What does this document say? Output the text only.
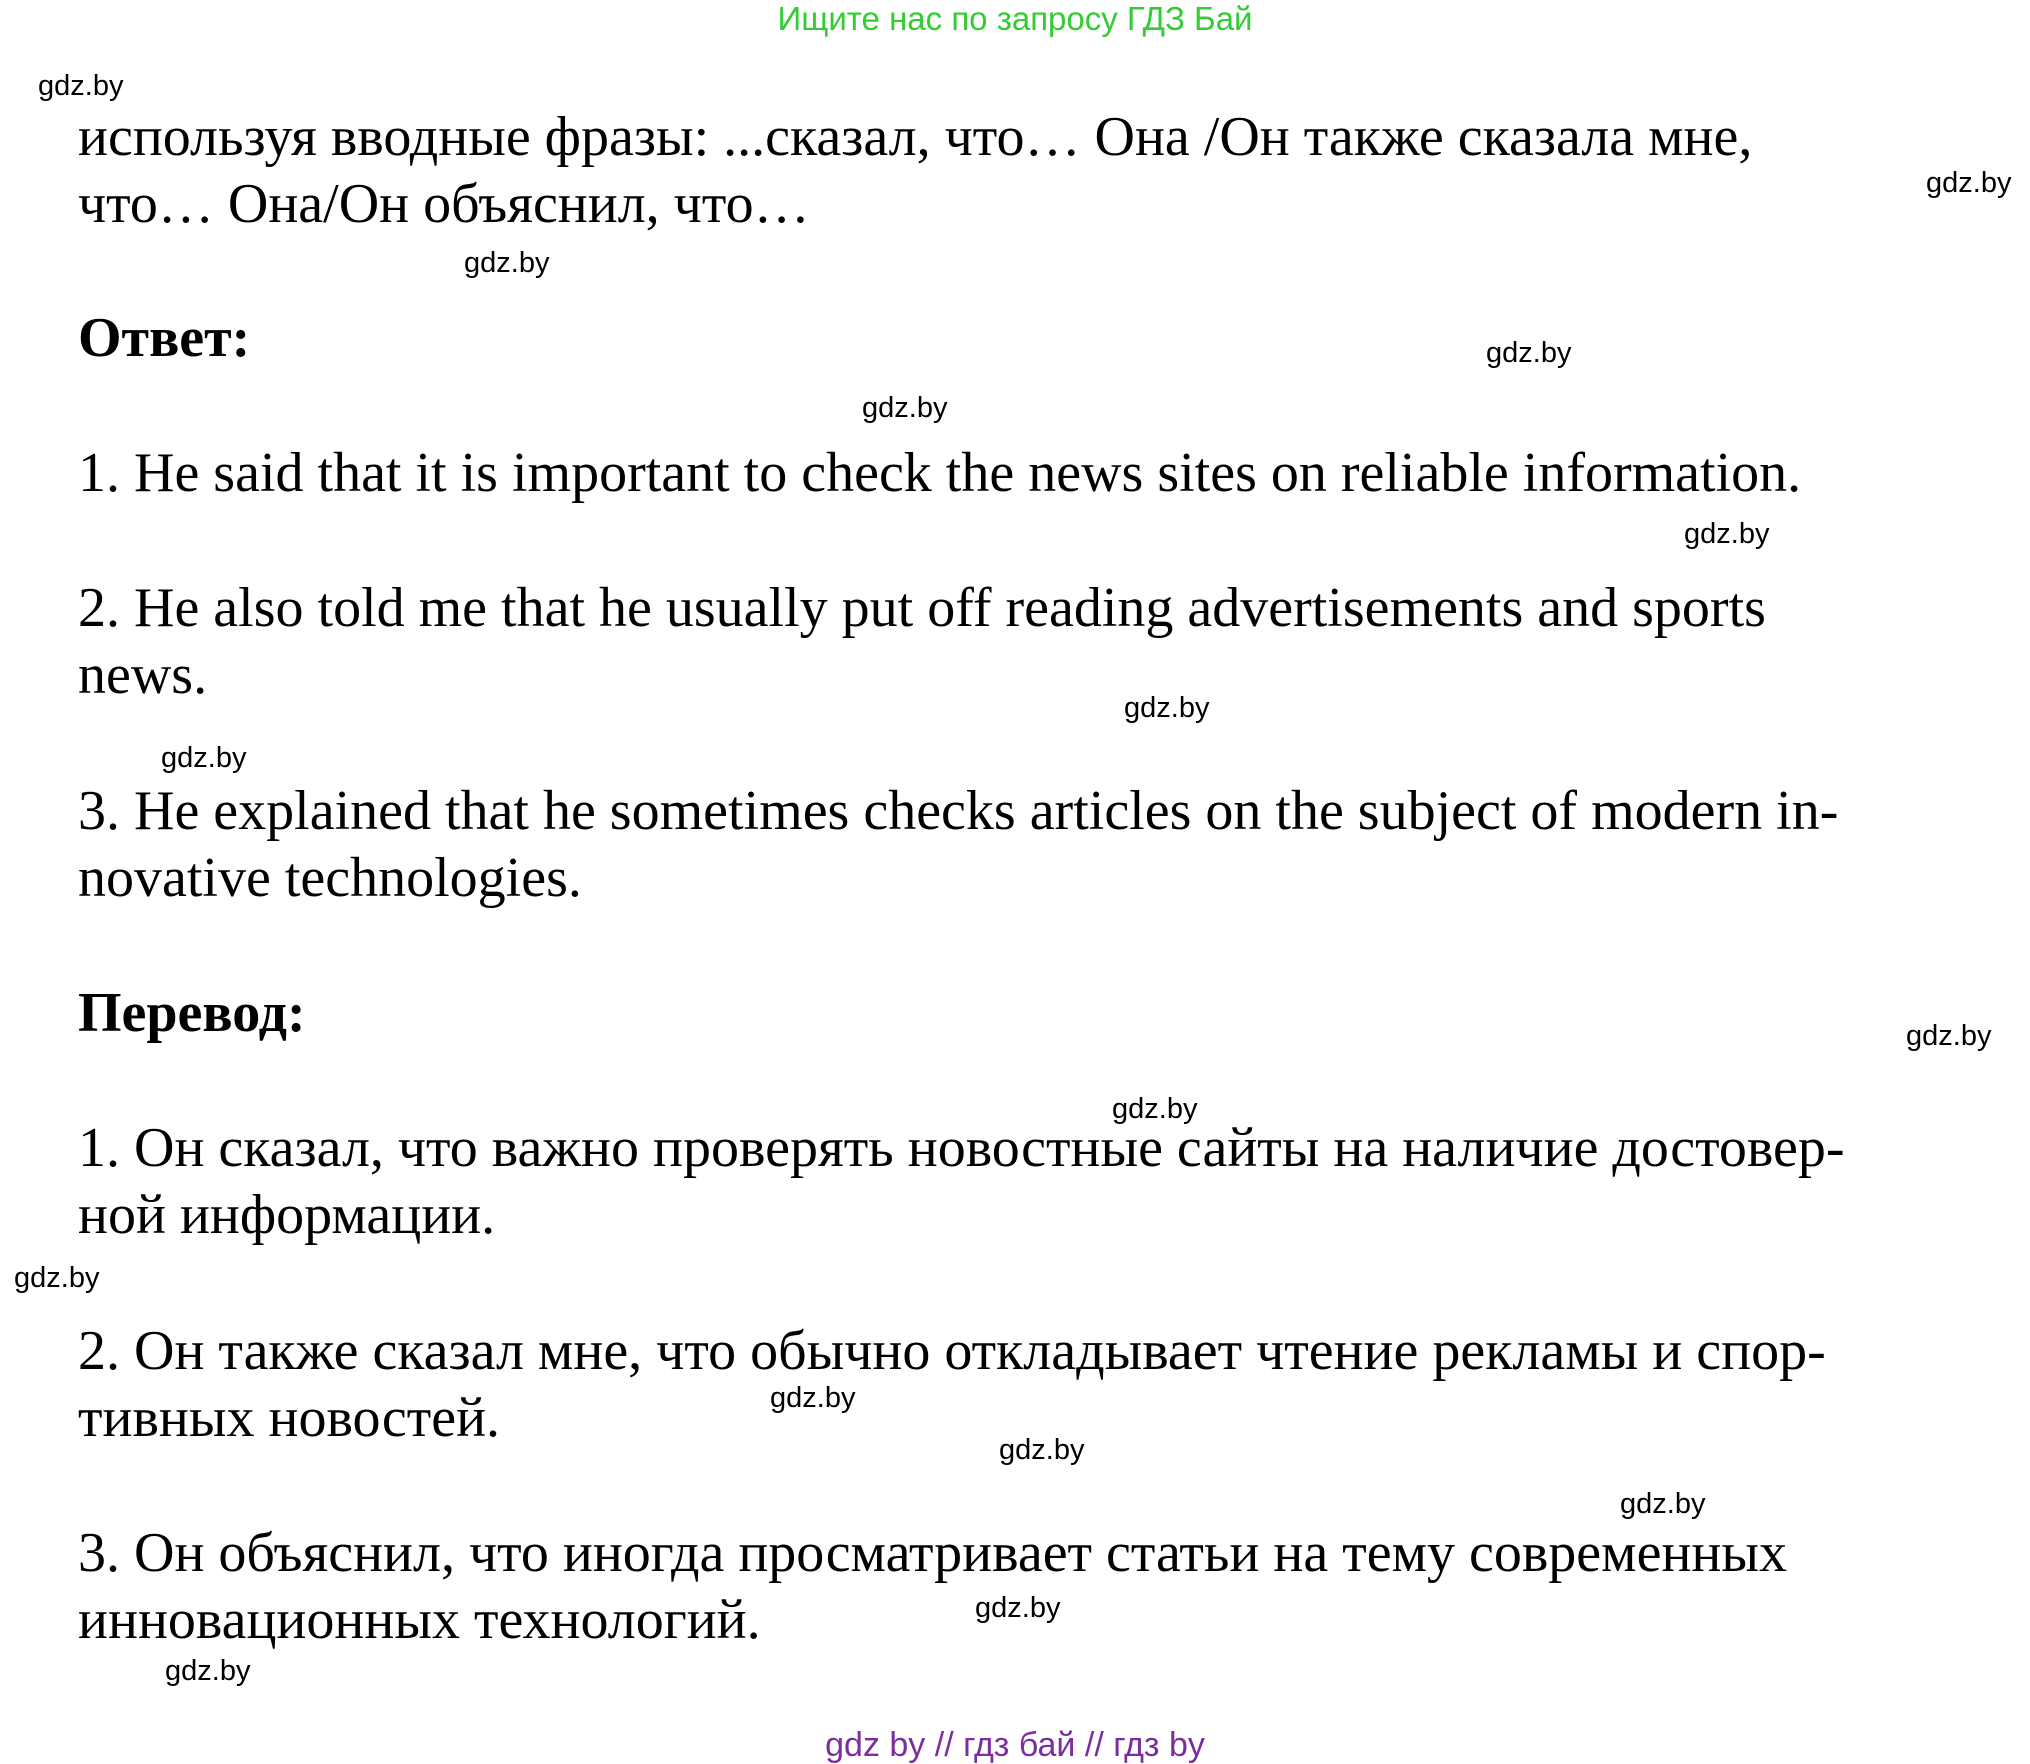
Ищите нас по запросу ГДЗ Бай
используя вводные фразы: ...сказал, что… Она /Он также сказала мне,
что… Она/Он объяснил, что…
Ответ:
1. He said that it is important to check the news sites on reliable information.
2. He also told me that he usually put off reading advertisements and sports
news.
3. He explained that he sometimes checks articles on the subject of modern in-
novative technologies.
Перевод:
1. Он сказал, что важно проверять новостные сайты на наличие достовер-
ной информации.
2. Он также сказал мне, что обычно откладывает чтение рекламы и спор-
тивных новостей.
3. Он объяснил, что иногда просматривает статьи на тему современных
инновационных технологий.
gdz.by
gdz.by
gdz.by
gdz.by
gdz.by
gdz.by
gdz.by
gdz.by
gdz.by
gdz.by
gdz.by
gdz.by
gdz.by
gdz.by
gdz.by
gdz.by
gdz by // гдз бай // гдз by
